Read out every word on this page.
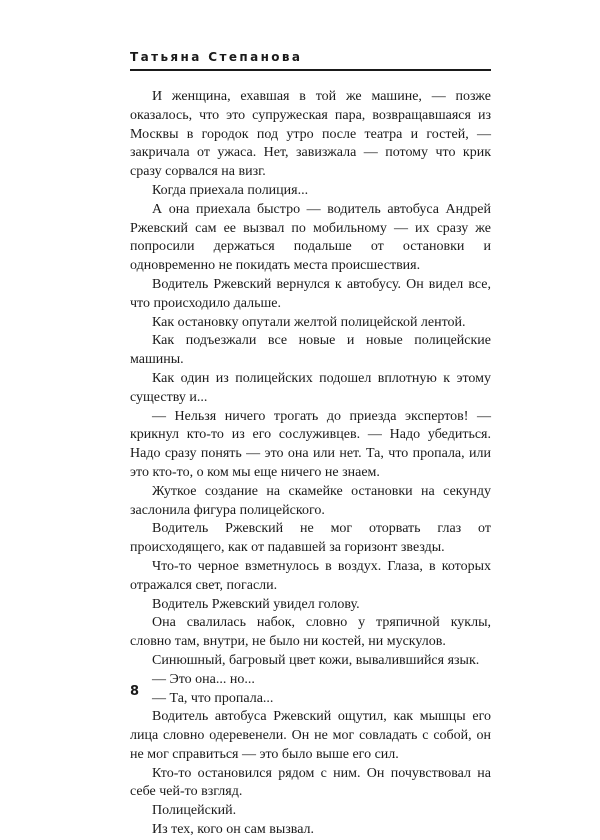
Татьяна Степанова

И женщина, ехавшая в той же машине, — позже оказалось, что это супружеская пара, возвращавшаяся из Москвы в городок под утро после театра и гостей, — закричала от ужаса. Нет, завизжала — потому что крик сразу сорвался на визг.

Когда приехала полиция...

А она приехала быстро — водитель автобуса Андрей Ржевский сам ее вызвал по мобильному — их сразу же попросили держаться подальше от остановки и одновременно не покидать места происшествия.

Водитель Ржевский вернулся к автобусу. Он видел все, что происходило дальше.

Как остановку опутали желтой полицейской лентой.

Как подъезжали все новые и новые полицейские машины.

Как один из полицейских подошел вплотную к этому существу и...

— Нельзя ничего трогать до приезда экспертов! — крикнул кто-то из его сослуживцев. — Надо убедиться. Надо сразу понять — это она или нет. Та, что пропала, или это кто-то, о ком мы еще ничего не знаем.

Жуткое создание на скамейке остановки на секунду заслонила фигура полицейского.

Водитель Ржевский не мог оторвать глаз от происходящего, как от падавшей за горизонт звезды.

Что-то черное взметнулось в воздух. Глаза, в которых отражался свет, погасли.

Водитель Ржевский увидел голову.

Она свалилась набок, словно у тряпичной куклы, словно там, внутри, не было ни костей, ни мускулов.

Синюшный, багровый цвет кожи, вывалившийся язык.

— Это она... но...

— Та, что пропала...

Водитель автобуса Ржевский ощутил, как мышцы его лица словно одеревенели. Он не мог совладать с собой, он не мог справиться — это было выше его сил.

Кто-то остановился рядом с ним. Он почувствовал на себе чей-то взгляд.

Полицейский.

Из тех, кого он сам вызвал.

8
